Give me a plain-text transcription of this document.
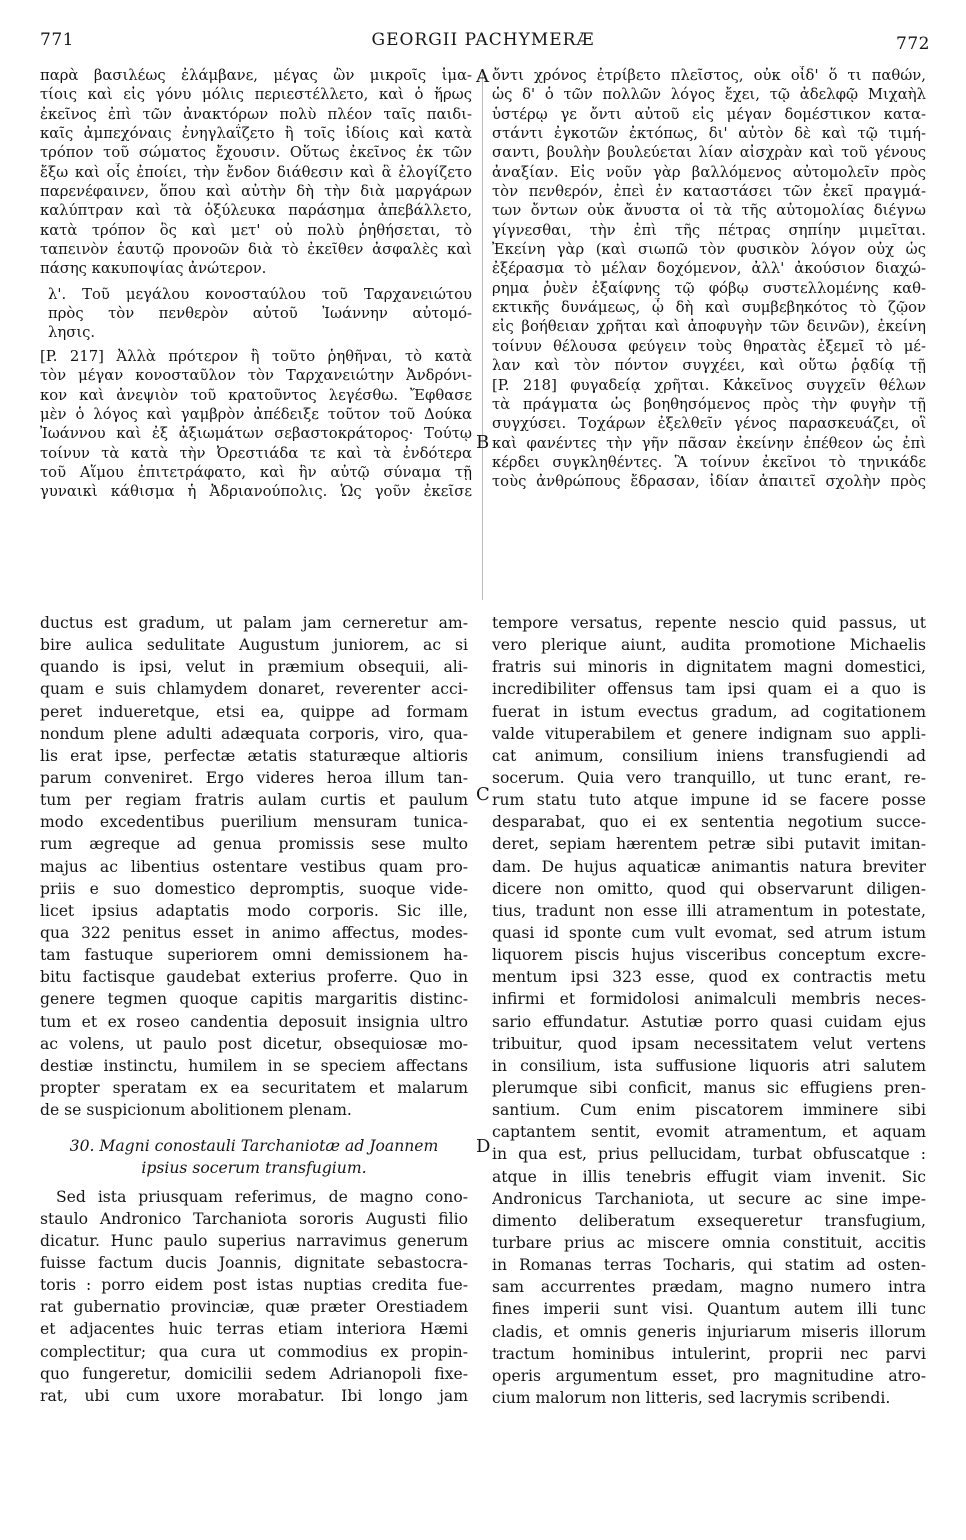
771	GEORGII PACHYMERÆ	772
A
B
C
D
παρὰ βασιλέως ἐλάμβανε, μέγας ὢν μικροῖς ἱμα-
τίοις καὶ εἰς γόνυ μόλις περιεστέλλετο, καὶ ὁ ἥρως
ἐκεῖνος ἐπὶ τῶν ἀνακτόρων πολὺ πλέον ταῖς παιδι-
καῖς ἀμπεχόναις ἐνηγλαΐζετο ἢ τοῖς ἰδίοις καὶ κατὰ
τρόπον τοῦ σώματος ἔχουσιν. Οὕτως ἐκεῖνος ἐκ τῶν
ἔξω καὶ οἷς ἐποίει, τὴν ἔνδον διάθεσιν καὶ ἃ ἐλογίζετο
παρενέφαινεν, ὅπου καὶ αὐτὴν δὴ τὴν διὰ μαργάρων
καλύπτραν καὶ τὰ ὀξύλευκα παράσημα ἀπεβάλλετο,
κατὰ τρόπον ὃς καὶ μετ' οὐ πολὺ ῥηθήσεται, τὸ
ταπεινὸν ἑαυτῷ προνοῶν διὰ τὸ ἐκεῖθεν ἀσφαλὲς καὶ
πάσης κακυποψίας ἀνώτερον.
λ'. Τοῦ μεγάλου κονοσταύλου τοῦ Ταρχανειώτου
πρὸς τὸν πενθερὸν αὐτοῦ Ἰωάννην αὐτομό-
λησις.
[P. 217] Ἀλλὰ πρότερον ἢ τοῦτο ῥηθῆναι, τὸ κατὰ
τὸν μέγαν κονοσταῦλον τὸν Ταρχανειώτην Ἀνδρόνι-
κον καὶ ἀνεψιὸν τοῦ κρατοῦντος λεγέσθω. Ἔφθασε
μὲν ὁ λόγος καὶ γαμβρὸν ἀπέδειξε τοῦτον τοῦ Δούκα
Ἰωάννου καὶ ἐξ ἀξιωμάτων σεβαστοκράτορος· Τούτῳ
τοίνυν τὰ κατὰ τὴν Ὀρεστιάδα τε καὶ τὰ ἐνδότερα
τοῦ Αἵμου ἐπιτετράφατο, καὶ ἣν αὐτῷ σύναμα τῇ
γυναικὶ κάθισμα ἡ Ἀδριανούπολις. Ὡς γοῦν ἐκεῖσε
ὄντι χρόνος ἐτρίβετο πλεῖστος, οὐκ οἶδ' ὅ τι παθών,
ὡς δ' ὁ τῶν πολλῶν λόγος ἔχει, τῷ ἀδελφῷ Μιχαὴλ
ὑστέρῳ γε ὄντι αὐτοῦ εἰς μέγαν δομέστικον κατα-
στάντι ἐγκοτῶν ἐκτόπως, δι' αὐτὸν δὲ καὶ τῷ τιμή-
σαντι, βουλὴν βουλεύεται λίαν αἰσχρὰν καὶ τοῦ γένους
ἀναξίαν. Εἰς νοῦν γὰρ βαλλόμενος αὐτομολεῖν πρὸς
τὸν πενθερόν, ἐπεὶ ἐν καταστάσει τῶν ἐκεῖ πραγμά-
των ὄντων οὐκ ἄνυστα οἱ τὰ τῆς αὐτομολίας διέγνω
γίγνεσθαι, τὴν ἐπὶ τῆς πέτρας σηπίην μιμεῖται.
Ἐκείνη γὰρ (καὶ σιωπῶ τὸν φυσικὸν λόγον οὐχ ὡς
ἐξέρασμα τὸ μέλαν δοχόμενον, ἀλλ' ἀκούσιον διαχώ-
ρημα ῥυὲν ἐξαίφνης τῷ φόβῳ συστελλομένης καθ-
εκτικῆς δυνάμεως, ᾧ δὴ καὶ συμβεβηκότος τὸ ζῷον
εἰς βοήθειαν χρῆται καὶ ἀποφυγὴν τῶν δεινῶν), ἐκείνη
τοίνυν θέλουσα φεύγειν τοὺς θηρατὰς ἐξεμεῖ τὸ μέ-
λαν καὶ τὸν πόντον συγχέει, καὶ οὕτω ῥᾳδίᾳ τῇ
[P. 218] φυγαδείᾳ χρῆται. Κἀκεῖνος συγχεῖν θέλων
τὰ πράγματα ὡς βοηθησόμενος πρὸς τὴν φυγὴν τῇ
συγχύσει. Τοχάρων ἐξελθεῖν γένος παρασκευάζει, οἳ
καὶ φανέντες τὴν γῆν πᾶσαν ἐκείνην ἐπέθεον ὡς ἐπὶ
κέρδει συγκληθέντες. Ἃ τοίνυν ἐκεῖνοι τὸ τηνικάδε
τοὺς ἀνθρώπους ἔδρασαν, ἰδίαν ἀπαιτεῖ σχολὴν πρὸς
ductus est gradum, ut palam jam cerneretur am-
bire aulica sedulitate Augustum juniorem, ac si
quando is ipsi, velut in præmium obsequii, ali-
quam e suis chlamydem donaret, reverenter acci-
peret indueretque, etsi ea, quippe ad formam
nondum plene adulti adæquata corporis, viro, qua-
lis erat ipse, perfectæ ætatis staturæque altioris
parum conveniret. Ergo videres heroa illum tan-
tum per regiam fratris aulam curtis et paulum
modo excedentibus puerilium mensuram tunica-
rum ægreque ad genua promissis sese multo
majus ac libentius ostentare vestibus quam pro-
priis e suo domestico depromptis, suoque vide-
licet ipsius adaptatis modo corporis. Sic ille,
qua 322 penitus esset in animo affectus, modes-
tam fastuque superiorem omni demissionem ha-
bitu factisque gaudebat exterius proferre. Quo in
genere tegmen quoque capitis margaritis distinc-
tum et ex roseo candentia deposuit insignia ultro
ac volens, ut paulo post dicetur, obsequiosæ mo-
destiæ instinctu, humilem in se speciem affectans
propter speratam ex ea securitatem et malarum
de se suspicionum abolitionem plenam.
30. Magni conostauli Tarchaniotæ ad Joannem
ipsius socerum transfugium.
Sed ista priusquam referimus, de magno cono-
staulo Andronico Tarchaniota sororis Augusti filio
dicatur. Hunc paulo superius narravimus generum
fuisse factum ducis Joannis, dignitate sebastocra-
toris : porro eidem post istas nuptias credita fue-
rat gubernatio provinciæ, quæ præter Orestiadem
et adjacentes huic terras etiam interiora Hæmi
complectitur; qua cura ut commodius ex propin-
quo fungeretur, domicilii sedem Adrianopoli fixe-
rat, ubi cum uxore morabatur. Ibi longo jam
tempore versatus, repente nescio quid passus, ut
vero plerique aiunt, audita promotione Michaelis
fratris sui minoris in dignitatem magni domestici,
incredibiliter offensus tam ipsi quam ei a quo is
fuerat in istum evectus gradum, ad cogitationem
valde vituperabilem et genere indignam suo appli-
cat animum, consilium iniens transfugiendi ad
socerum. Quia vero tranquillo, ut tunc erant, re-
rum statu tuto atque impune id se facere posse
desparabat, quo ei ex sententia negotium succe-
deret, sepiam hærentem petræ sibi putavit imitan-
dam. De hujus aquaticæ animantis natura breviter
dicere non omitto, quod qui observarunt diligen-
tius, tradunt non esse illi atramentum in potestate,
quasi id sponte cum vult evomat, sed atrum istum
liquorem piscis hujus visceribus conceptum excre-
mentum ipsi 323 esse, quod ex contractis metu
infirmi et formidolosi animalculi membris neces-
sario effundatur. Astutiæ porro quasi cuidam ejus
tribuitur, quod ipsam necessitatem velut vertens
in consilium, ista suffusione liquoris atri salutem
plerumque sibi conficit, manus sic effugiens pren-
santium. Cum enim piscatorem imminere sibi
captantem sentit, evomit atramentum, et aquam
in qua est, prius pellucidam, turbat obfuscatque :
atque in illis tenebris effugit viam invenit. Sic
Andronicus Tarchaniota, ut secure ac sine impe-
dimento deliberatum exsequeretur transfugium,
turbare prius ac miscere omnia constituit, accitis
in Romanas terras Tocharis, qui statim ad osten-
sam accurrentes prædam, magno numero intra
fines imperii sunt visi. Quantum autem illi tunc
cladis, et omnis generis injuriarum miseris illorum
tractum hominibus intulerint, proprii nec parvi
operis argumentum esset, pro magnitudine atro-
cium malorum non litteris, sed lacrymis scribendi.
